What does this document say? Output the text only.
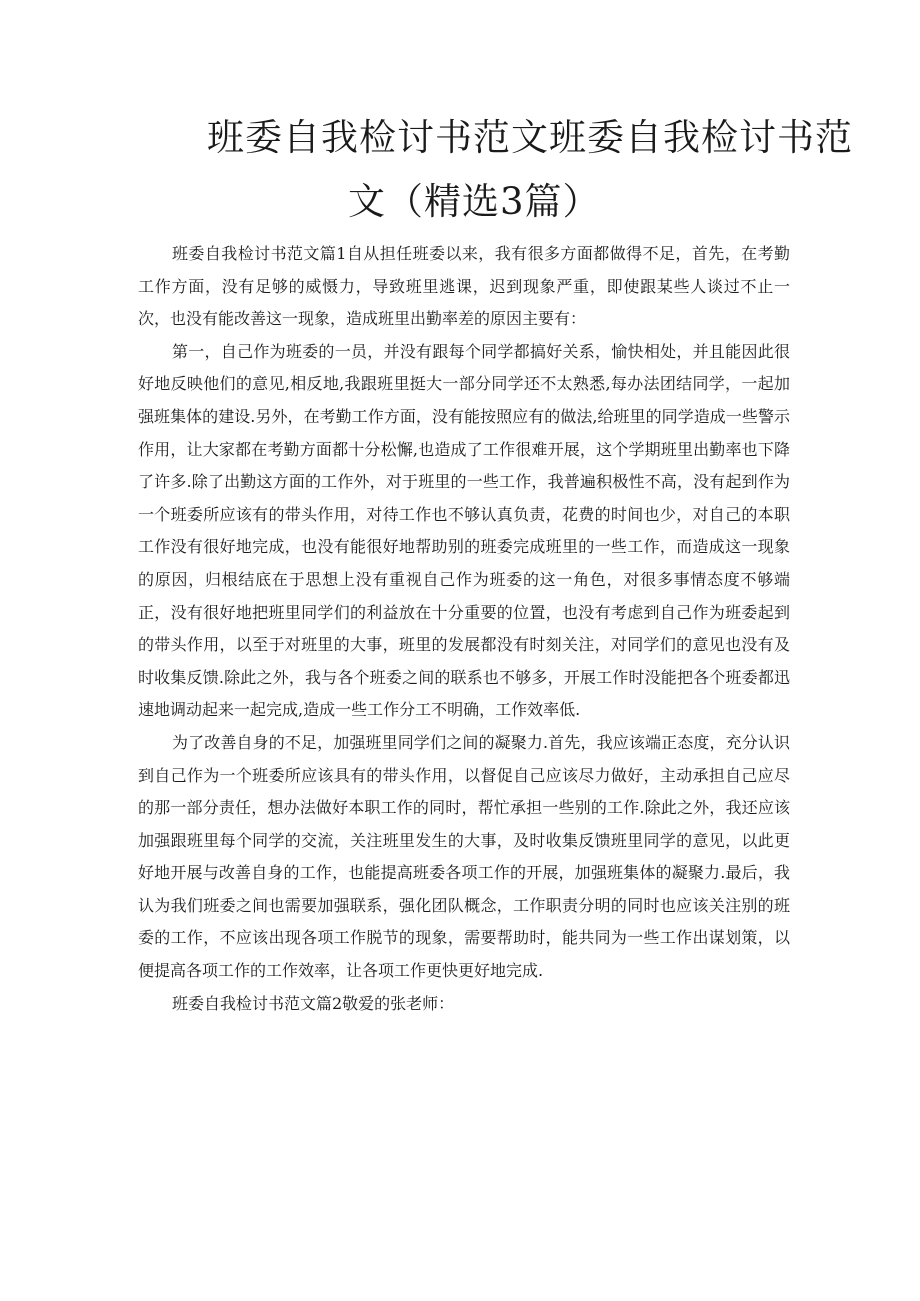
班委自我检讨书范文班委自我检讨书范
文（精选3篇）

班委自我检讨书范文篇1自从担任班委以来，我有很多方面都做得不足，首先，在考勤工作方面，没有足够的威慑力，导致班里逃课，迟到现象严重，即使跟某些人谈过不止一次，也没有能改善这一现象，造成班里出勤率差的原因主要有：

第一，自己作为班委的一员，并没有跟每个同学都搞好关系，愉快相处，并且能因此很好地反映他们的意见,相反地,我跟班里挺大一部分同学还不太熟悉,每办法团结同学，一起加强班集体的建设.另外，在考勤工作方面，没有能按照应有的做法,给班里的同学造成一些警示作用，让大家都在考勤方面都十分松懈,也造成了工作很难开展，这个学期班里出勤率也下降了许多.除了出勤这方面的工作外，对于班里的一些工作，我普遍积极性不高，没有起到作为一个班委所应该有的带头作用，对待工作也不够认真负责，花费的时间也少，对自己的本职工作没有很好地完成，也没有能很好地帮助别的班委完成班里的一些工作，而造成这一现象的原因，归根结底在于思想上没有重视自己作为班委的这一角色，对很多事情态度不够端正，没有很好地把班里同学们的利益放在十分重要的位置，也没有考虑到自己作为班委起到的带头作用，以至于对班里的大事，班里的发展都没有时刻关注，对同学们的意见也没有及时收集反馈.除此之外，我与各个班委之间的联系也不够多，开展工作时没能把各个班委都迅速地调动起来一起完成,造成一些工作分工不明确，工作效率低.

为了改善自身的不足，加强班里同学们之间的凝聚力.首先，我应该端正态度，充分认识到自己作为一个班委所应该具有的带头作用，以督促自己应该尽力做好，主动承担自己应尽的那一部分责任，想办法做好本职工作的同时，帮忙承担一些别的工作.除此之外，我还应该加强跟班里每个同学的交流，关注班里发生的大事，及时收集反馈班里同学的意见，以此更好地开展与改善自身的工作，也能提高班委各项工作的开展，加强班集体的凝聚力.最后，我认为我们班委之间也需要加强联系，强化团队概念，工作职责分明的同时也应该关注别的班委的工作，不应该出现各项工作脱节的现象，需要帮助时，能共同为一些工作出谋划策，以便提高各项工作的工作效率，让各项工作更快更好地完成.

班委自我检讨书范文篇2敬爱的张老师：
